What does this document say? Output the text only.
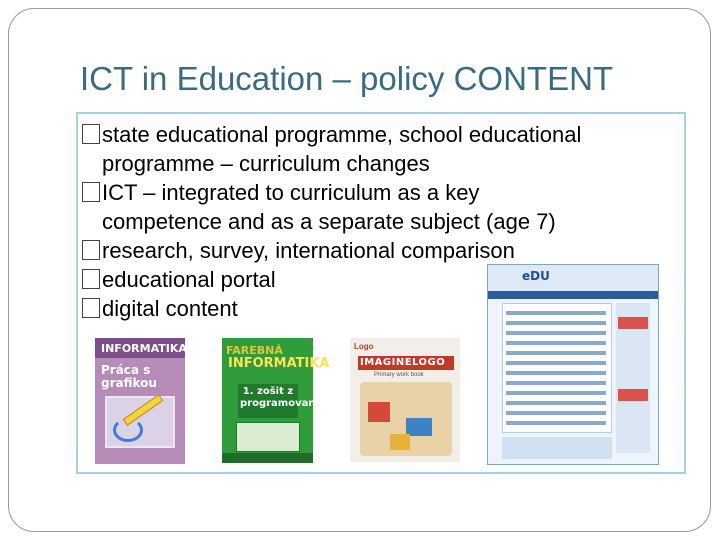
ICT in Education – policy CONTENT
state educational programme, school educational
programme – curriculum changes
ICT – integrated to curriculum as a key
competence and as a separate subject (age 7)
research, survey, international comparison
educational portal
digital content
eDU
INFORMATIKA
Práca s grafikou
FAREBNÁ
INFORMATIKA
1. zošit z programovania
Logo
IMAGINELOGO
Primary work book
